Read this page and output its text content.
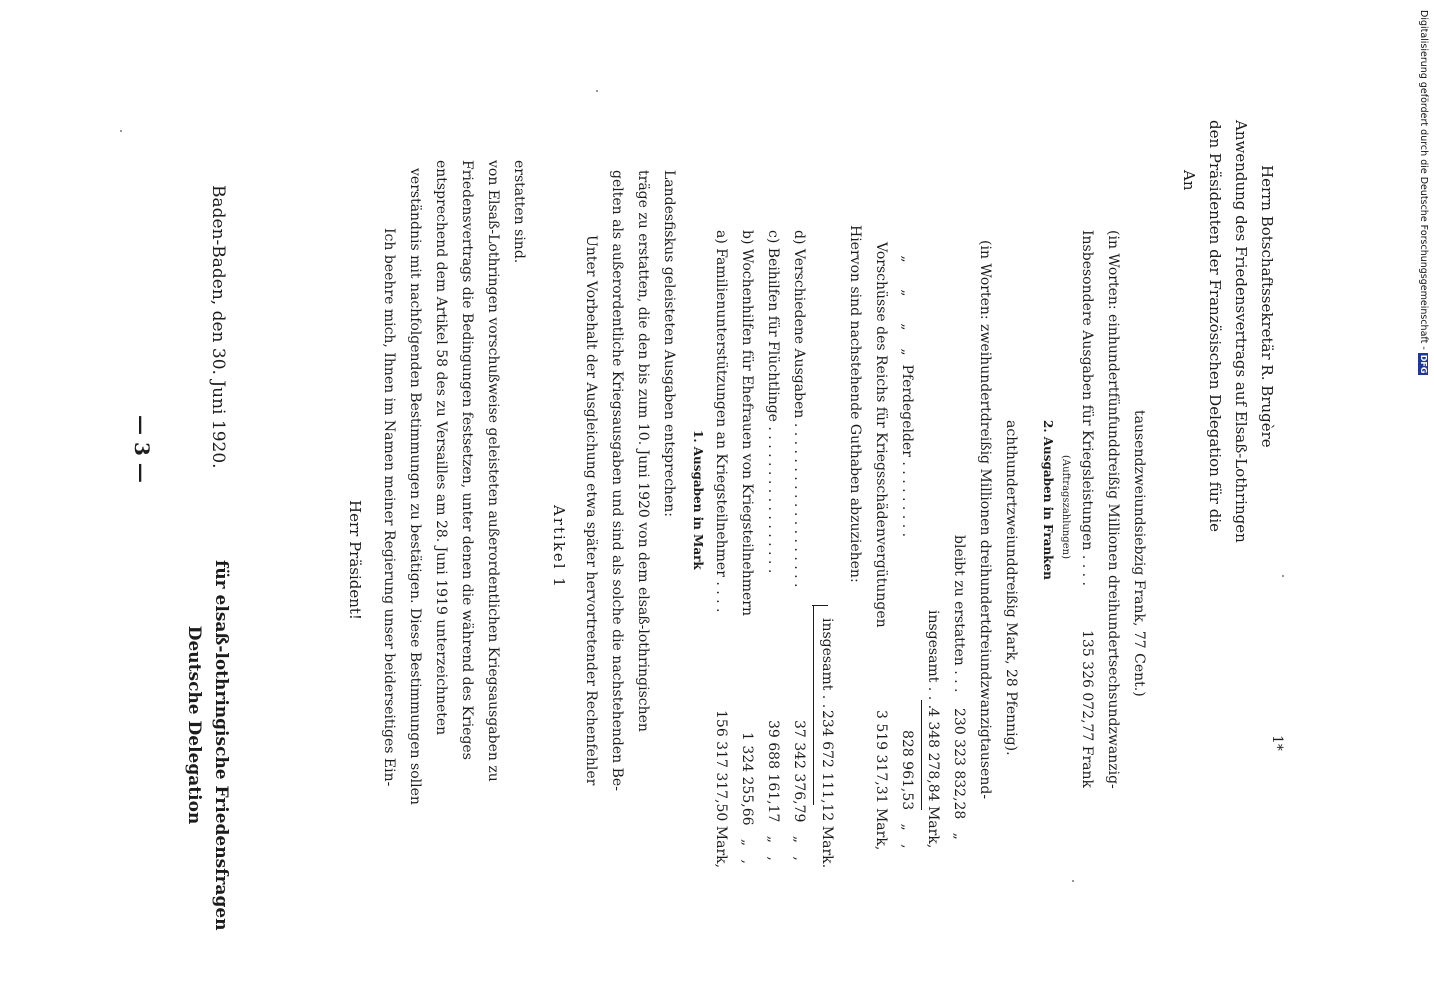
— 3 —
Deutsche Delegation für elsaß-lothringische Friedensfragen
Baden-Baden, den 30. Juni 1920.
Herr Präsident! Ich beehre mich, Ihnen im Namen meiner Regierung unser beiderseitiges Ein- verständnis mit nachfolgenden Bestimmungen zu bestätigen. Diese Bestimmungen sollen entsprechend dem Artikel 58 des zu Versailles am 28. Juni 1919 unterzeichneten Friedensvertrags die Bedingungen festsetzen, unter denen die während des Krieges von Elsaß-Lothringen vorschußweise geleisteten außerordentlichen Kriegsausgaben zu erstatten sind.
Artikel 1 Unter Vorbehalt der Ausgleichung etwa später hervortretender Rechenfehler gelten als außerordentliche Kriegsausgaben und sind als solche die nachstehenden Be- träge zu erstatten, die den bis zum 10. Juni 1920 von dem elsaß-lothringischen Landesfiskus geleisteten Ausgaben entsprechen: 1. Ausgaben in Mark a) Familienunterstützungen an Kriegsteilnehmer . . . .
156 317 317,50 Mark,
b) Wochenhilfen für Ehefrauen von Kriegsteilnehmern
1 324 255,66   „   ,
c) Beihilfen für Flüchtlinge . . . . . . . . . . . . . . . . .
39 688 161,17   „   ,
d) Verschiedene Ausgaben . . . . . . . . . . . . . . . . . . .
37 342 376,79   „   ,
insgesamt . . .
234 672 111,12 Mark.
Hiervon sind nachstehende Guthaben abzuziehen: Vorschüsse des Reichs für Kriegsschädenvergütungen
3 519 317,31 Mark,
„      „      „    „  Pferdegelder . . . . . . . . .
828 961,53   „   ,
insgesamt . . .
4 348 278,84 Mark,
bleibt zu erstatten . . .
230 323 832,28   „ (in Worten: zweihundertdreißig Millionen dreihundertdreiundzwanzigtausend- achthundertzweiunddreißig Mark, 28 Pfennig). 2. Ausgaben in Franken (Auftragszahlungen) Insbesondere Ausgaben für Kriegsleistungen . . . .
135 326 072,77 Frank (in Worten: einhundertfünfunddreißig Millionen dreihundertsechsundzwanzig- tausendzweiundsiebzig Frank, 77 Cent.)
An den Präsidenten der Französischen Delegation für die Anwendung des Friedensvertrags auf Elsaß-Lothringen Herrn Botschaftssekretär R. Brugère
1*
Digitalisierung gefördert durch die Deutsche Forschungsgemeinschaft -
DFG
